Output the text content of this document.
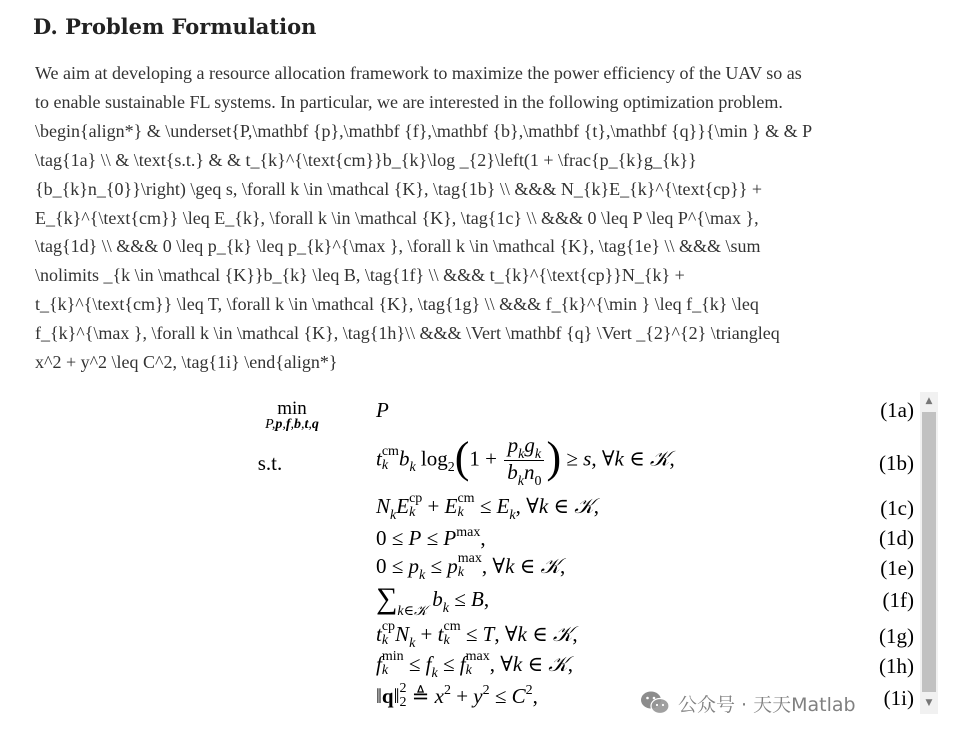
D. Problem Formulation

We aim at developing a resource allocation framework to maximize the power efficiency of the UAV so as
to enable sustainable FL systems. In particular, we are interested in the following optimization problem.
\begin{align*} & \underset{P,\mathbf {p},\mathbf {f},\mathbf {b},\mathbf {t},\mathbf {q}}{\min } & & P
\tag{1a} \\ & \text{s.t.} & & t_{k}^{\text{cm}}b_{k}\log _{2}\left(1 + \frac{p_{k}g_{k}}
{b_{k}n_{0}}\right) \geq s, \forall k \in \mathcal {K}, \tag{1b} \\ &&& N_{k}E_{k}^{\text{cp}} +
E_{k}^{\text{cm}} \leq E_{k}, \forall k \in \mathcal {K}, \tag{1c} \\ &&& 0 \leq P \leq P^{\max },
\tag{1d} \\ &&& 0 \leq p_{k} \leq p_{k}^{\max }, \forall k \in \mathcal {K}, \tag{1e} \\ &&& \sum
\nolimits _{k \in \mathcal {K}}b_{k} \leq B, \tag{1f} \\ &&& t_{k}^{\text{cp}}N_{k} +
t_{k}^{\text{cm}} \leq T, \forall k \in \mathcal {K}, \tag{1g} \\ &&& f_{k}^{\min } \leq f_{k} \leq
f_{k}^{\max }, \forall k \in \mathcal {K}, \tag{1h}\\ &&& \Vert \mathbf {q} \Vert _{2}^{2} \triangleq
x^2 + y^2 \leq C^2, \tag{1i} \end{align*}

min
P,p,f,b,t,q
P	(1a)
s.t.	t cm
k $b_k$ $\log_2(1 + \frac{p_kg_k}{b_kn_0}$ ) ≥ s, ∀k ∈ 𝒦,	(1b)
$N_kE$ cp
k + E cm
$k \le E_k$, ∀k ∈ 𝒦,	(1c)
$0 \le P \le P^{max}$,	(1d)
$0 \le p_k \le p$ max
k , ∀k ∈ 𝒦,	(1e)
$\sum_{k\in 𝒦}$ $b_k \le B$,	(1f)
t cp
k $N_k + t$ cm
k ≤ T, ∀k ∈ 𝒦,	(1g)
f min
$k \le f_k \le f$ max
k , ∀k ∈ 𝒦,	(1h)
‖q‖ 2
2 ≜ $x^2 + y^2 \le C^2$,	(1i)
▲
▼
公众号 · 天天Matlab
